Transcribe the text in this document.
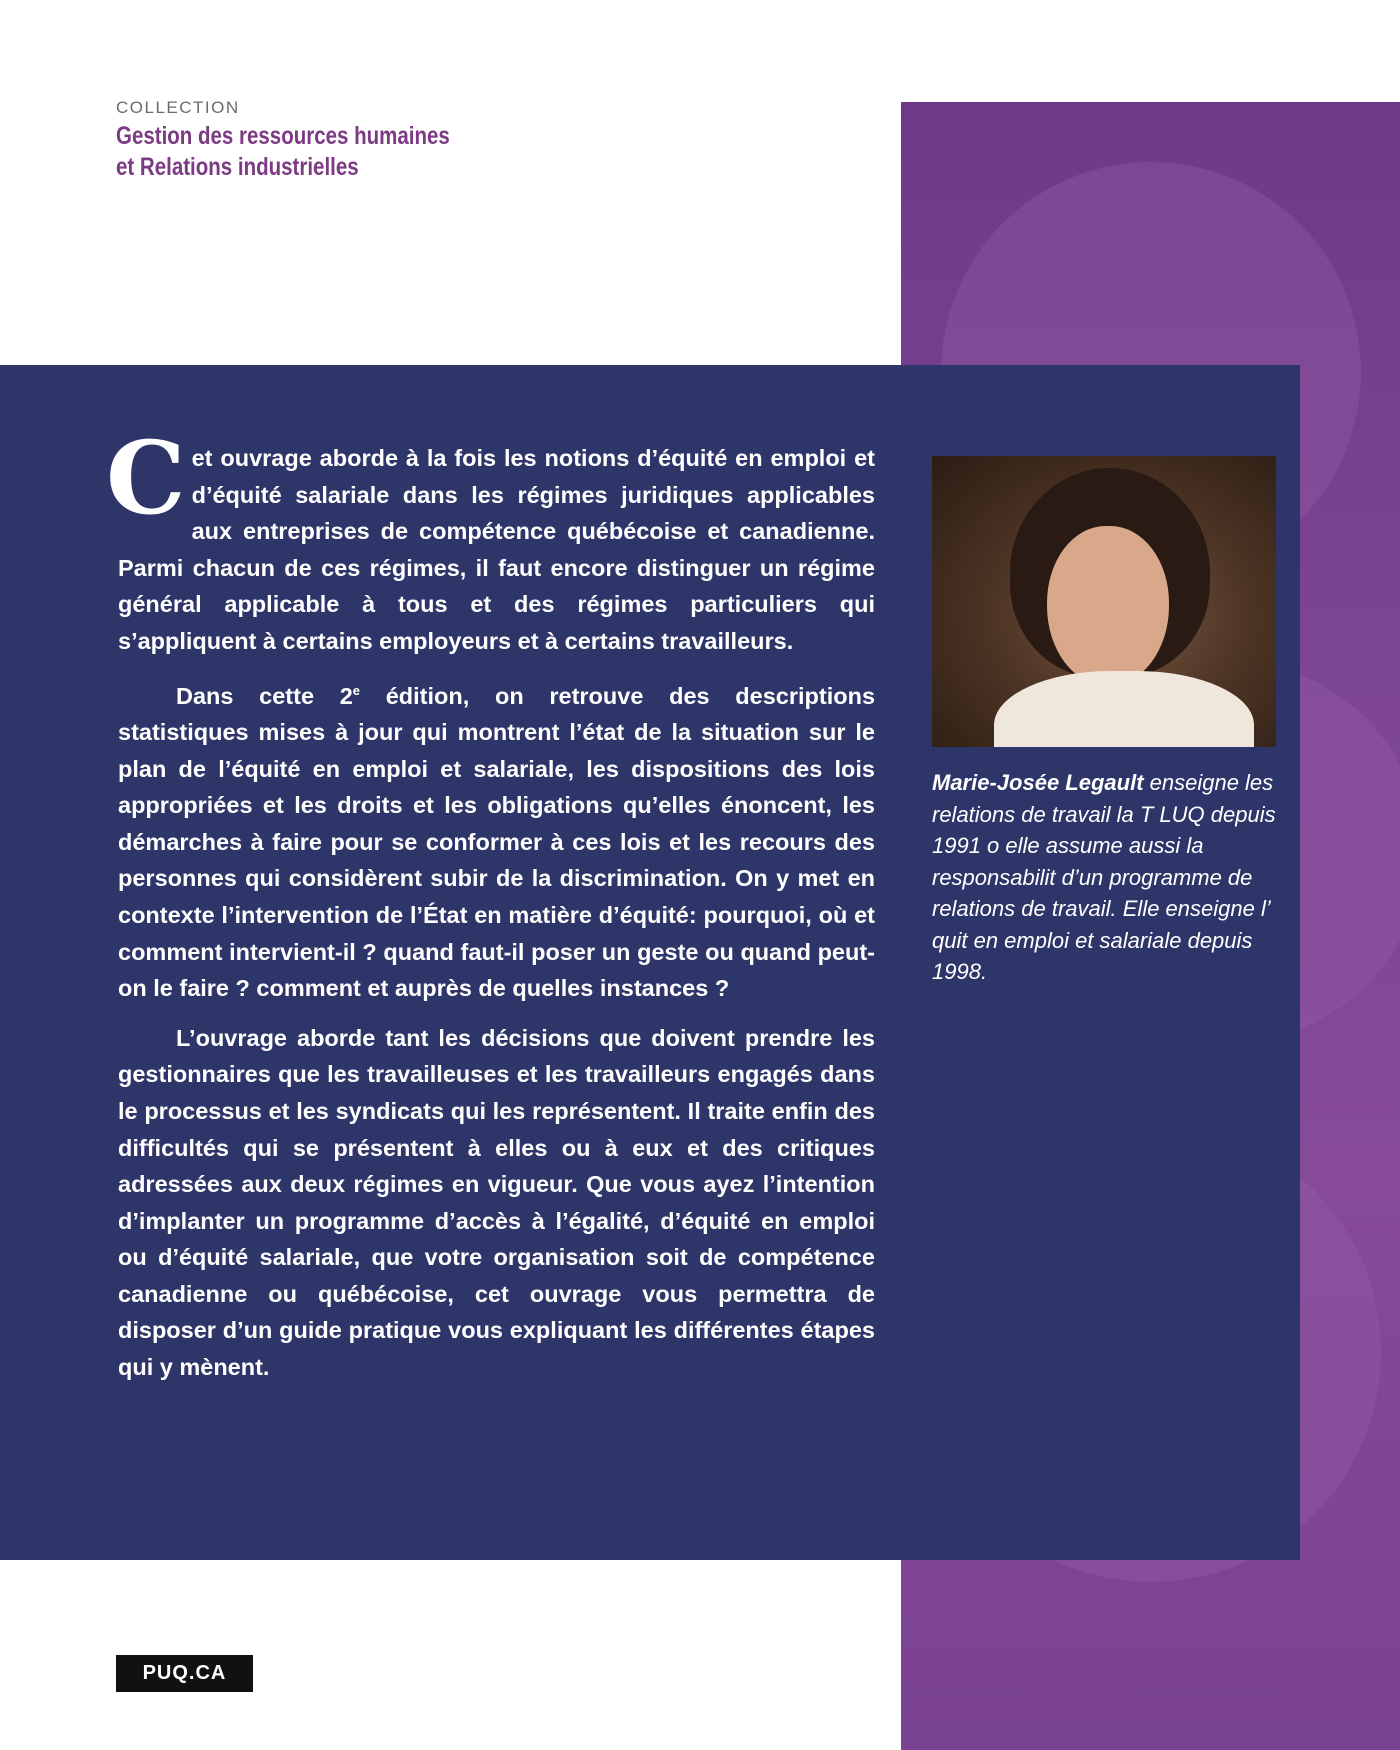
COLLECTION
Gestion des ressources humaines
et Relations industrielles

Cet ouvrage aborde à la fois les notions d’équité en emploi et d’équité salariale dans les régimes juridiques applicables aux entreprises de compétence québécoise et canadienne. Parmi chacun de ces régimes, il faut encore distinguer un régime général applicable à tous et des régimes particuliers qui s’appliquent à certains employeurs et à certains travailleurs.

Dans cette 2e édition, on retrouve des descriptions statistiques mises à jour qui montrent l’état de la situation sur le plan de l’équité en emploi et salariale, les dispositions des lois appropriées et les droits et les obligations qu’elles énoncent, les démarches à faire pour se conformer à ces lois et les recours des personnes qui considèrent subir de la discrimination. On y met en contexte l’intervention de l’État en matière d’équité: pourquoi, où et comment intervient-il ? quand faut-il poser un geste ou quand peut-on le faire ? comment et auprès de quelles instances ?

L’ouvrage aborde tant les décisions que doivent prendre les gestionnaires que les travailleuses et les travailleurs engagés dans le processus et les syndicats qui les représentent. Il traite enfin des difficultés qui se présentent à elles ou à eux et des critiques adressées aux deux régimes en vigueur. Que vous ayez l’intention d’implanter un programme d’accès à l’égalité, d’équité en emploi ou d’équité salariale, que votre organisation soit de compétence canadienne ou québécoise, cet ouvrage vous permettra de disposer d’un guide pratique vous expliquant les différentes étapes qui y mènent.

Marie-Josée Legault enseigne les relations de travail la T LUQ depuis 1991 o elle assume aussi la responsabilit d’un programme de relations de travail. Elle enseigne l’ quit en emploi et salariale depuis 1998.
PUQ.CA
